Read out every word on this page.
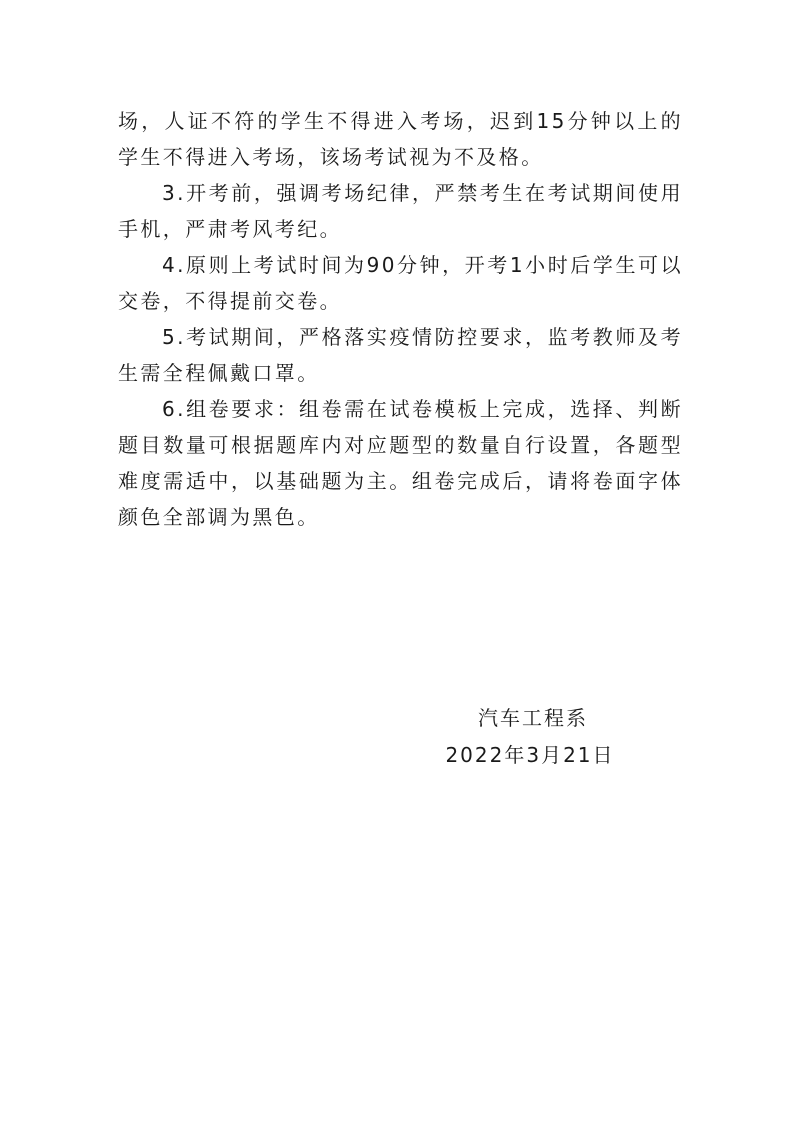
场，人证不符的学生不得进入考场，迟到15分钟以上的学生不得进入考场，该场考试视为不及格。

3.开考前，强调考场纪律，严禁考生在考试期间使用手机，严肃考风考纪。

4.原则上考试时间为90分钟，开考1小时后学生可以交卷，不得提前交卷。

5.考试期间，严格落实疫情防控要求，监考教师及考生需全程佩戴口罩。

6.组卷要求：组卷需在试卷模板上完成，选择、判断题目数量可根据题库内对应题型的数量自行设置，各题型难度需适中，以基础题为主。组卷完成后，请将卷面字体颜色全部调为黑色。

汽车工程系
2022年3月21日
